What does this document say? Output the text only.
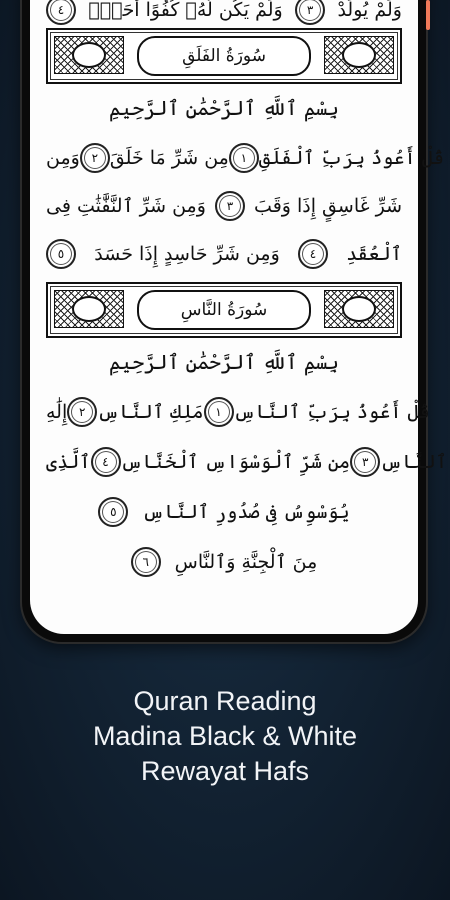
٤	وَلَمْ يَكُن لَّهُۥ كُفُوًا أَحَدٌۢ	٣	وَلَمْ يُولَدْ
سُورَةُ الفَلَقِ
بِسْمِ ٱللَّهِ ٱلرَّحْمَٰنِ ٱلرَّحِيمِ
وَمِن ٢ مِن شَرِّ مَا خَلَقَ ١ قُلْ أَعُوذُ بِرَبِّ ٱلْفَلَقِ
وَمِن شَرِّ ٱلنَّفَّٰثَٰتِ فِى	٣	شَرِّ غَاسِقٍ إِذَا وَقَبَ
٥	وَمِن شَرِّ حَاسِدٍ إِذَا حَسَدَ	٤	ٱلْعُقَدِ
سُورَةُ النَّاسِ
بِسْمِ ٱللَّهِ ٱلرَّحْمَٰنِ ٱلرَّحِيمِ
إِلَٰهِ ٢ مَلِكِ ٱلنَّاسِ ١ قُلْ أَعُوذُ بِرَبِّ ٱلنَّاسِ
ٱلَّذِى ٤ مِن شَرِّ ٱلْوَسْوَاسِ ٱلْخَنَّاسِ ٣ ٱلنَّاسِ
٥	يُوَسْوِسُ فِى صُدُورِ ٱلنَّاسِ
٦	مِنَ ٱلْجِنَّةِ وَٱلنَّاسِ
Quran Reading
Madina Black & White
Rewayat Hafs
